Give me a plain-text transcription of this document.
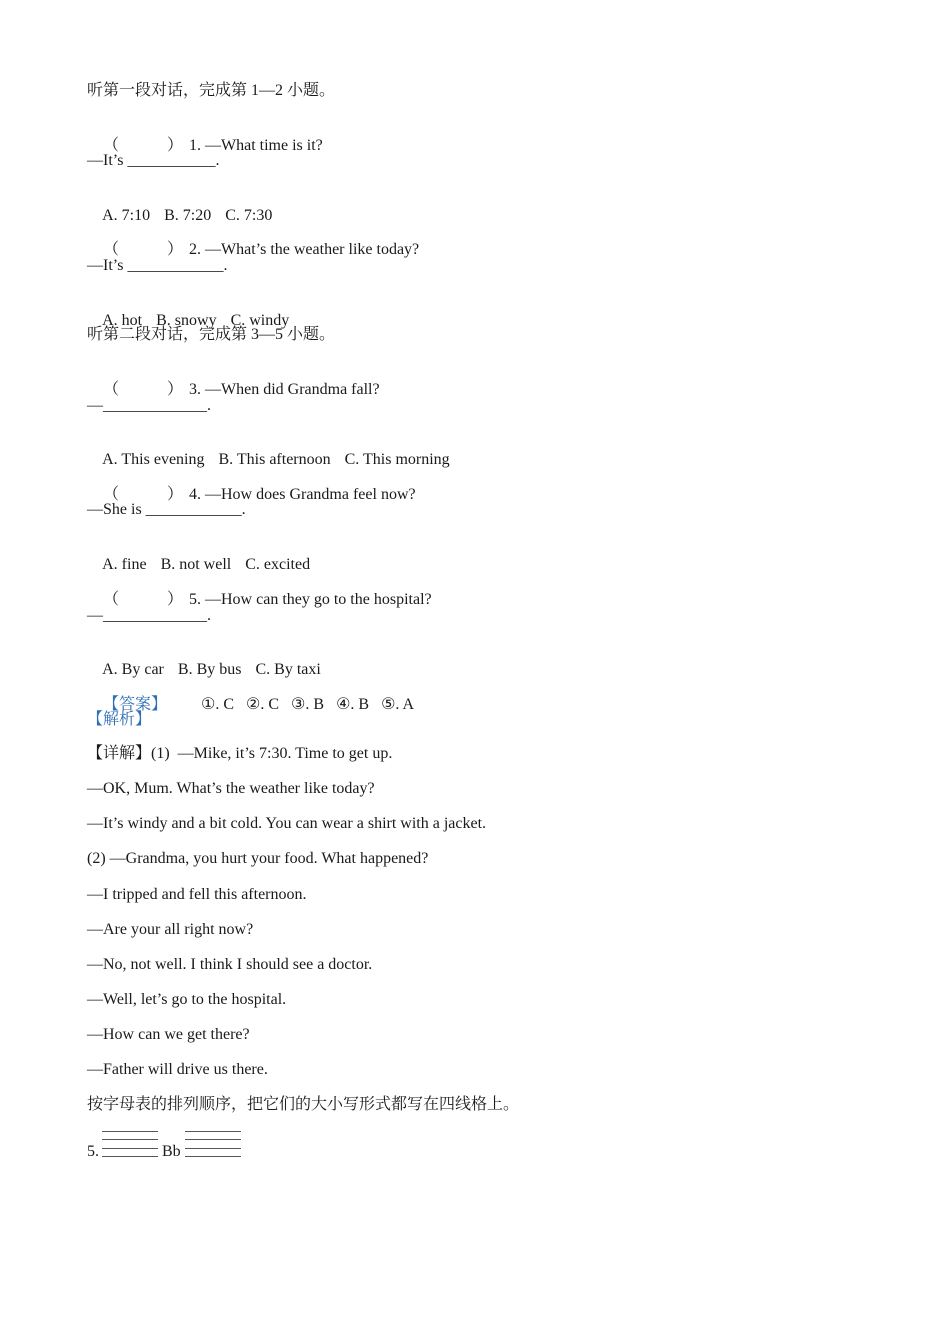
听第一段对话，完成第 1—2 小题。

（            ） 1. —What time is it?

—It’s ___________.

A. 7:10 B. 7:20 C. 7:30

（            ） 2. —What’s the weather like today?

—It’s ____________.

A. hot B. snowy C. windy

听第二段对话，完成第 3—5 小题。

（            ） 3. —When did Grandma fall?

—_____________.

A. This evening B. This afternoon C. This morning

（            ） 4. —How does Grandma feel now?

—She is ____________.

A. fine B. not well C. excited

（            ） 5. —How can they go to the hospital?

—_____________.

A. By car B. By bus C. By taxi

【答案】 ①. C ②. C ③. B ④. B ⑤. A

【解析】
【详解】(1)  —Mike, it’s 7:30. Time to get up.
—OK, Mum. What’s the weather like today?
—It’s windy and a bit cold. You can wear a shirt with a jacket.
(2) —Grandma, you hurt your food. What happened?
—I tripped and fell this afternoon.
—Are your all right now?
—No, not well. I think I should see a doctor.
—Well, let’s go to the hospital.
—How can we get there?
—Father will drive us there.
按字母表的排列顺序，把它们的大小写形式都写在四线格上。
5.	Bb
